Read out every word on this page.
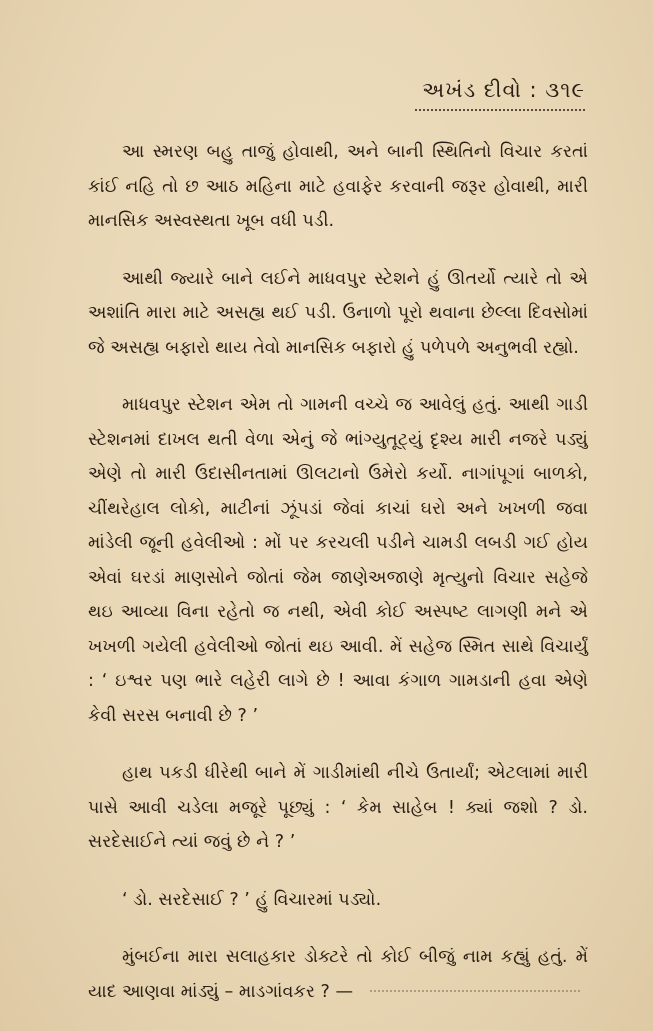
અખંડ દીવો : ૩૧૯

આ સ્મરણ બહુ તાજું હોવાથી, અને બાની સ્થિતિનો વિચાર કરતાં કાંઈ નહિ તો છ આઠ મહિના માટે હવાફેર કરવાની જરૂર હોવાથી, મારી માનસિક અસ્વસ્થતા ખૂબ વધી પડી.

આથી જ્યારે બાને લઈને માધવપુર સ્ટેશને હું ઊતર્યો ત્યારે તો એ અશાંતિ મારા માટે અસહ્ય થઈ પડી. ઉનાળો પૂરો થવાના છેલ્લા દિવસોમાં જે અસહ્ય બફારો થાય તેવો માનસિક બફારો હું પળેપળે અનુભવી રહ્યો.

માધવપુર સ્ટેશન એમ તો ગામની વચ્ચે જ આવેલું હતું. આથી ગાડી સ્ટેશનમાં દાખલ થતી વેળા એનું જે ભાંગ્યુતૂટ્યું દૃશ્ય મારી નજરે પડ્યું એણે તો મારી ઉદાસીનતામાં ઊલટાનો ઉમેરો કર્યો. નાગાંપૂગાં બાળકો, ચીંથરેહાલ લોકો, માટીનાં ઝૂંપડાં જેવાં કાચાં ઘરો અને ખખળી જવા માંડેલી જૂની હવેલીઓ : મોં પર કરચલી પડીને ચામડી લબડી ગઈ હોય એવાં ઘરડાં માણસોને જોતાં જેમ જાણેઅજાણે મૃત્યુનો વિચાર સહેજે થઇ આવ્યા વિના રહેતો જ નથી, એવી કોઈ અસ્પષ્ટ લાગણી મને એ ખખળી ગયેલી હવેલીઓ જોતાં થઇ આવી. મેં સહેજ સ્મિત સાથે વિચાર્યું : ‘ ઇશ્વર પણ ભારે લહેરી લાગે છે ! આવા કંગાળ ગામડાની હવા એણે કેવી સરસ બનાવી છે ? ’

હાથ પકડી ધીરેથી બાને મેં ગાડીમાંથી નીચે ઉતાર્યાં; એટલામાં મારી પાસે આવી ચડેલા મજૂરે પૂછ્યું : ‘ કેમ સાહેબ ! ક્યાં જશો ? ડો. સરદેસાઈને ત્યાં જવું છે ને ? ’

‘ ડો. સરદેસાઈ ? ’ હું વિચારમાં પડ્યો.

મુંબઈના મારા સલાહકાર ડોક્ટરે તો કોઈ બીજું નામ કહ્યું હતું. મેં યાદ આણવા માંડ્યું – માડગાંવકર ? —
